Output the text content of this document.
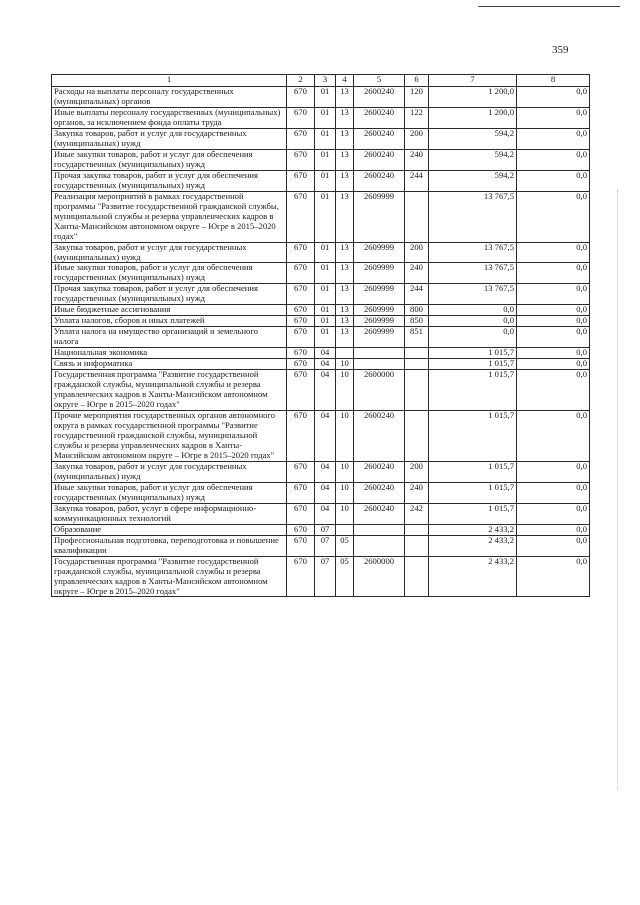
359
1	2	3	4	5	6	7	8
Расходы на выплаты персоналу государственных (муниципальных) органов	670	01	13	2600240	120	1 200,0	0,0
Иные выплаты персоналу государственных (муниципальных) органов, за исключением фонда оплаты труда	670	01	13	2600240	122	1 200,0	0,0
Закупка товаров, работ и услуг для государственных (муниципальных) нужд	670	01	13	2600240	200	594,2	0,0
Иные закупки товаров, работ и услуг для обеспечения государственных (муниципальных) нужд	670	01	13	2600240	240	594,2	0,0
Прочая закупка товаров, работ и услуг для обеспечения государственных (муниципальных) нужд	670	01	13	2600240	244	594,2	0,0
Реализация мероприятий в рамках государственной программы "Развитие государственной гражданской службы, муниципальной службы и резерва управленческих кадров в Ханты-Мансийском автономном округе – Югре в 2015–2020 годах"	670	01	13	2609999		13 767,5	0,0
Закупка товаров, работ и услуг для государственных (муниципальных) нужд	670	01	13	2609999	200	13 767,5	0,0
Иные закупки товаров, работ и услуг для обеспечения государственных (муниципальных) нужд	670	01	13	2609999	240	13 767,5	0,0
Прочая закупка товаров, работ и услуг для обеспечения государственных (муниципальных) нужд	670	01	13	2609999	244	13 767,5	0,0
Иные бюджетные ассигнования	670	01	13	2609999	800	0,0	0,0
Уплата налогов, сборов и иных платежей	670	01	13	2609999	850	0,0	0,0
Уплата налога на имущество организаций и земельного налога	670	01	13	2609999	851	0,0	0,0
Национальная экономика	670	04				1 015,7	0,0
Связь и информатика	670	04	10			1 015,7	0,0
Государственная программа "Развитие государственной гражданской службы, муниципальной службы и резерва управленческих кадров в Ханты-Мансийском автономном округе – Югре в 2015–2020 годах"	670	04	10	2600000		1 015,7	0,0
Прочие мероприятия государственных органов автономного округа в рамках государственной программы "Развитие государственной гражданской службы, муниципальной службы и резерва управленческих кадров в Ханты-Мансийском автономном округе – Югре в 2015–2020 годах"	670	04	10	2600240		1 015,7	0,0
Закупка товаров, работ и услуг для государственных (муниципальных) нужд	670	04	10	2600240	200	1 015,7	0,0
Иные закупки товаров, работ и услуг для обеспечения государственных (муниципальных) нужд	670	04	10	2600240	240	1 015,7	0,0
Закупка товаров, работ, услуг в сфере информационно-коммуникационных технологий	670	04	10	2600240	242	1 015,7	0,0
Образование	670	07				2 433,2	0,0
Профессиональная подготовка, переподготовка и повышение квалификации	670	07	05			2 433,2	0,0
Государственная программа "Развитие государственной гражданской службы, муниципальной службы и резерва управленческих кадров в Ханты-Мансийском автономном округе – Югре в 2015–2020 годах"	670	07	05	2600000		2 433,2	0,0
